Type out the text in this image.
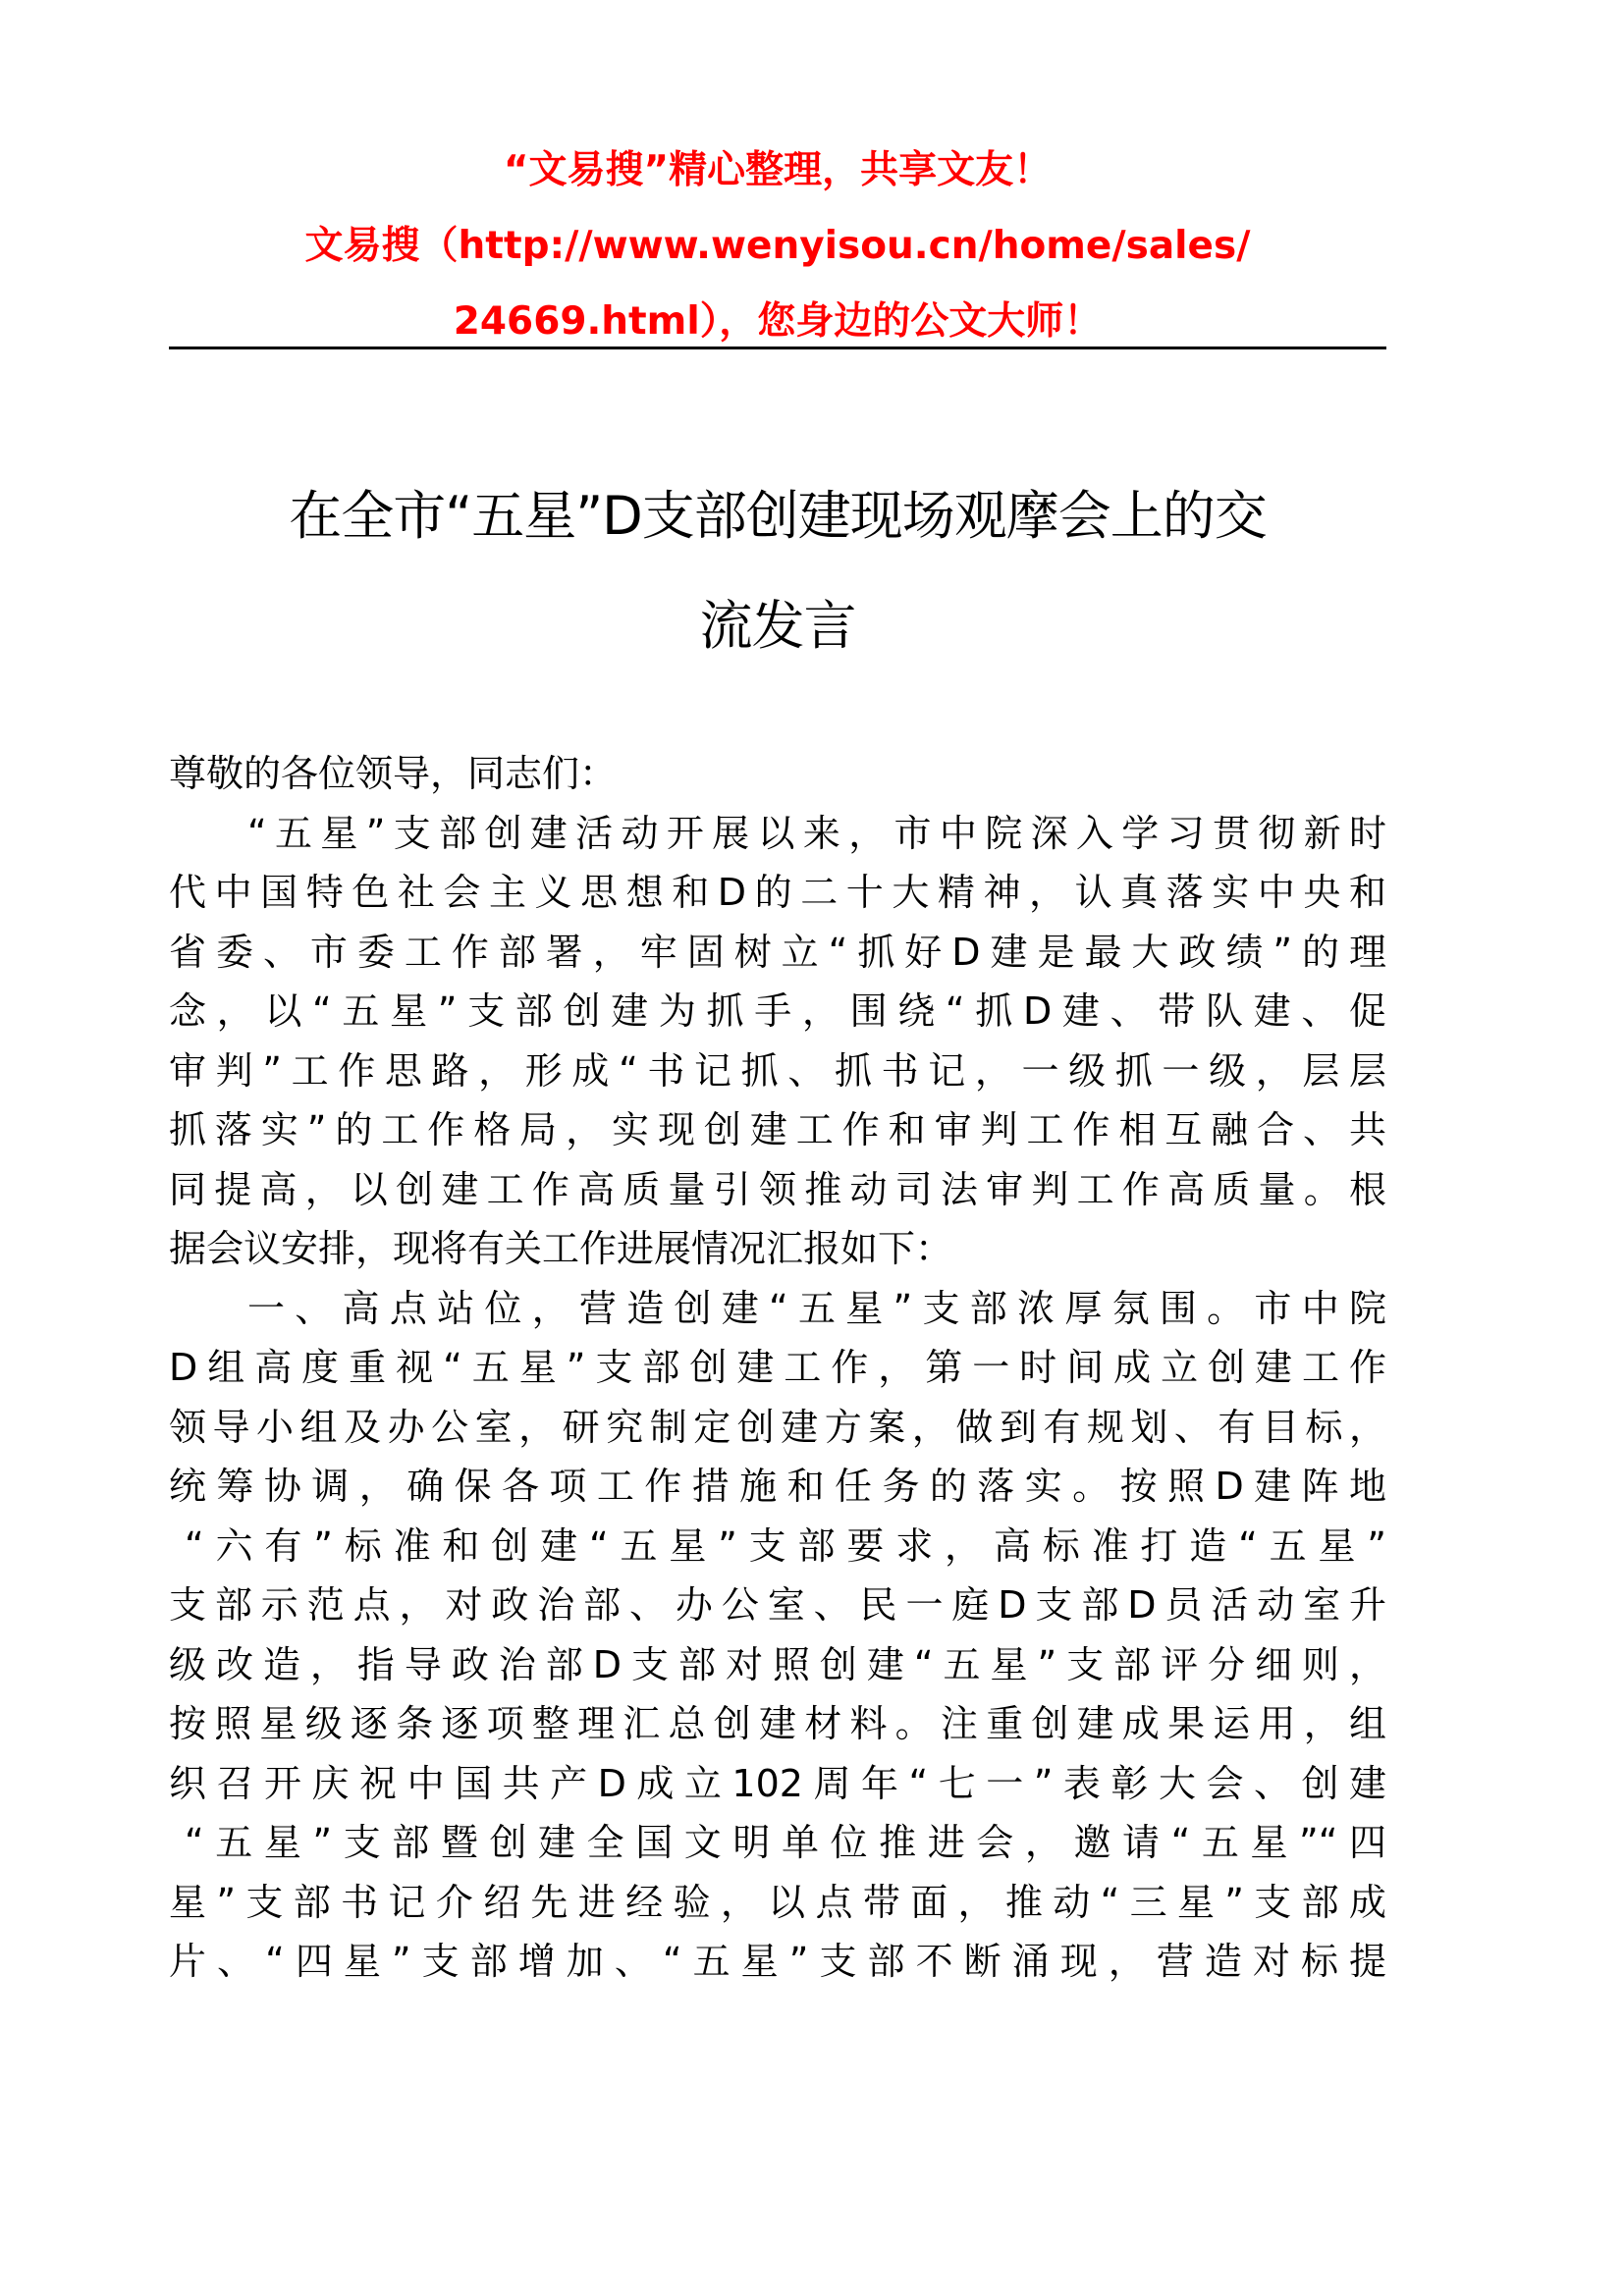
“文易搜”精心整理，共享文友！
文易搜（http://www.wenyisou.cn/home/sales/
24669.html），您身边的公文大师！
在全市“五星”D支部创建现场观摩会上的交
流发言
尊敬的各位领导，同志们：
“五星”支部创建活动开展以来，市中院深入学习贯彻新时
代中国特色社会主义思想和D的二十大精神，认真落实中央和
省委、市委工作部署，牢固树立“抓好D建是最大政绩”的理
念，以“五星”支部创建为抓手，围绕“抓D建、带队建、促
审判”工作思路，形成“书记抓、抓书记，一级抓一级，层层
抓落实”的工作格局，实现创建工作和审判工作相互融合、共
同提高，以创建工作高质量引领推动司法审判工作高质量。根
据会议安排，现将有关工作进展情况汇报如下：
一、高点站位，营造创建“五星”支部浓厚氛围。市中院
D组高度重视“五星”支部创建工作，第一时间成立创建工作
领导小组及办公室，研究制定创建方案，做到有规划、有目标，
统筹协调，确保各项工作措施和任务的落实。按照D建阵地
“六有”标准和创建“五星”支部要求，高标准打造“五星”
支部示范点，对政治部、办公室、民一庭D支部D员活动室升
级改造，指导政治部D支部对照创建“五星”支部评分细则，
按照星级逐条逐项整理汇总创建材料。注重创建成果运用，组
织召开庆祝中国共产D成立102周年“七一”表彰大会、创建
“五星”支部暨创建全国文明单位推进会，邀请“五星”“四
星”支部书记介绍先进经验，以点带面，推动“三星”支部成
片、“四星”支部增加、“五星”支部不断涌现，营造对标提
